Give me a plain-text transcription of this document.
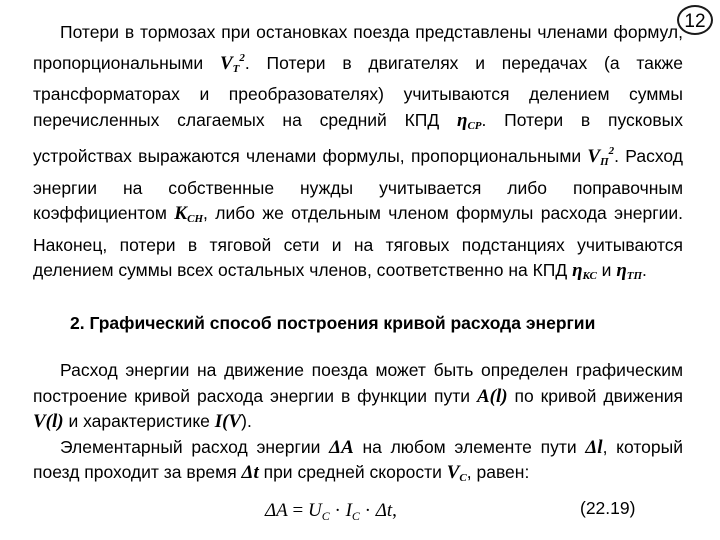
12
Потери в тормозах при остановках поезда представлены членами формул, пропорциональными $V_T^2$. Потери в двигателях и передачах (а также трансформаторах и преобразователях) учитываются делением суммы перечисленных слагаемых на средний КПД $\eta_{CP}$. Потери в пусковых устройствах выражаются членами формулы, пропорциональными $V_П^2$. Расход энергии на собственные нужды учитывается либо поправочным коэффициентом $К_{СН}$, либо же отдельным членом формулы расхода энергии. Наконец, потери в тяговой сети и на тяговых подстанциях учитываются делением суммы всех остальных членов, соответственно на КПД $\eta_{КС}$ и $\eta_{ТП}$.
2. Графический способ построения кривой расхода энергии
Расход энергии на движение поезда может быть определен графическим построение кривой расхода энергии в функции пути A(l) по кривой движения V(l) и характеристике I(V).
Элементарный расход энергии ΔA на любом элементе пути Δl, который поезд проходит за время Δt при средней скорости $V_C$, равен:
$\Delta A = U_C \cdot I_C \cdot \Delta t$,	(22.19)
